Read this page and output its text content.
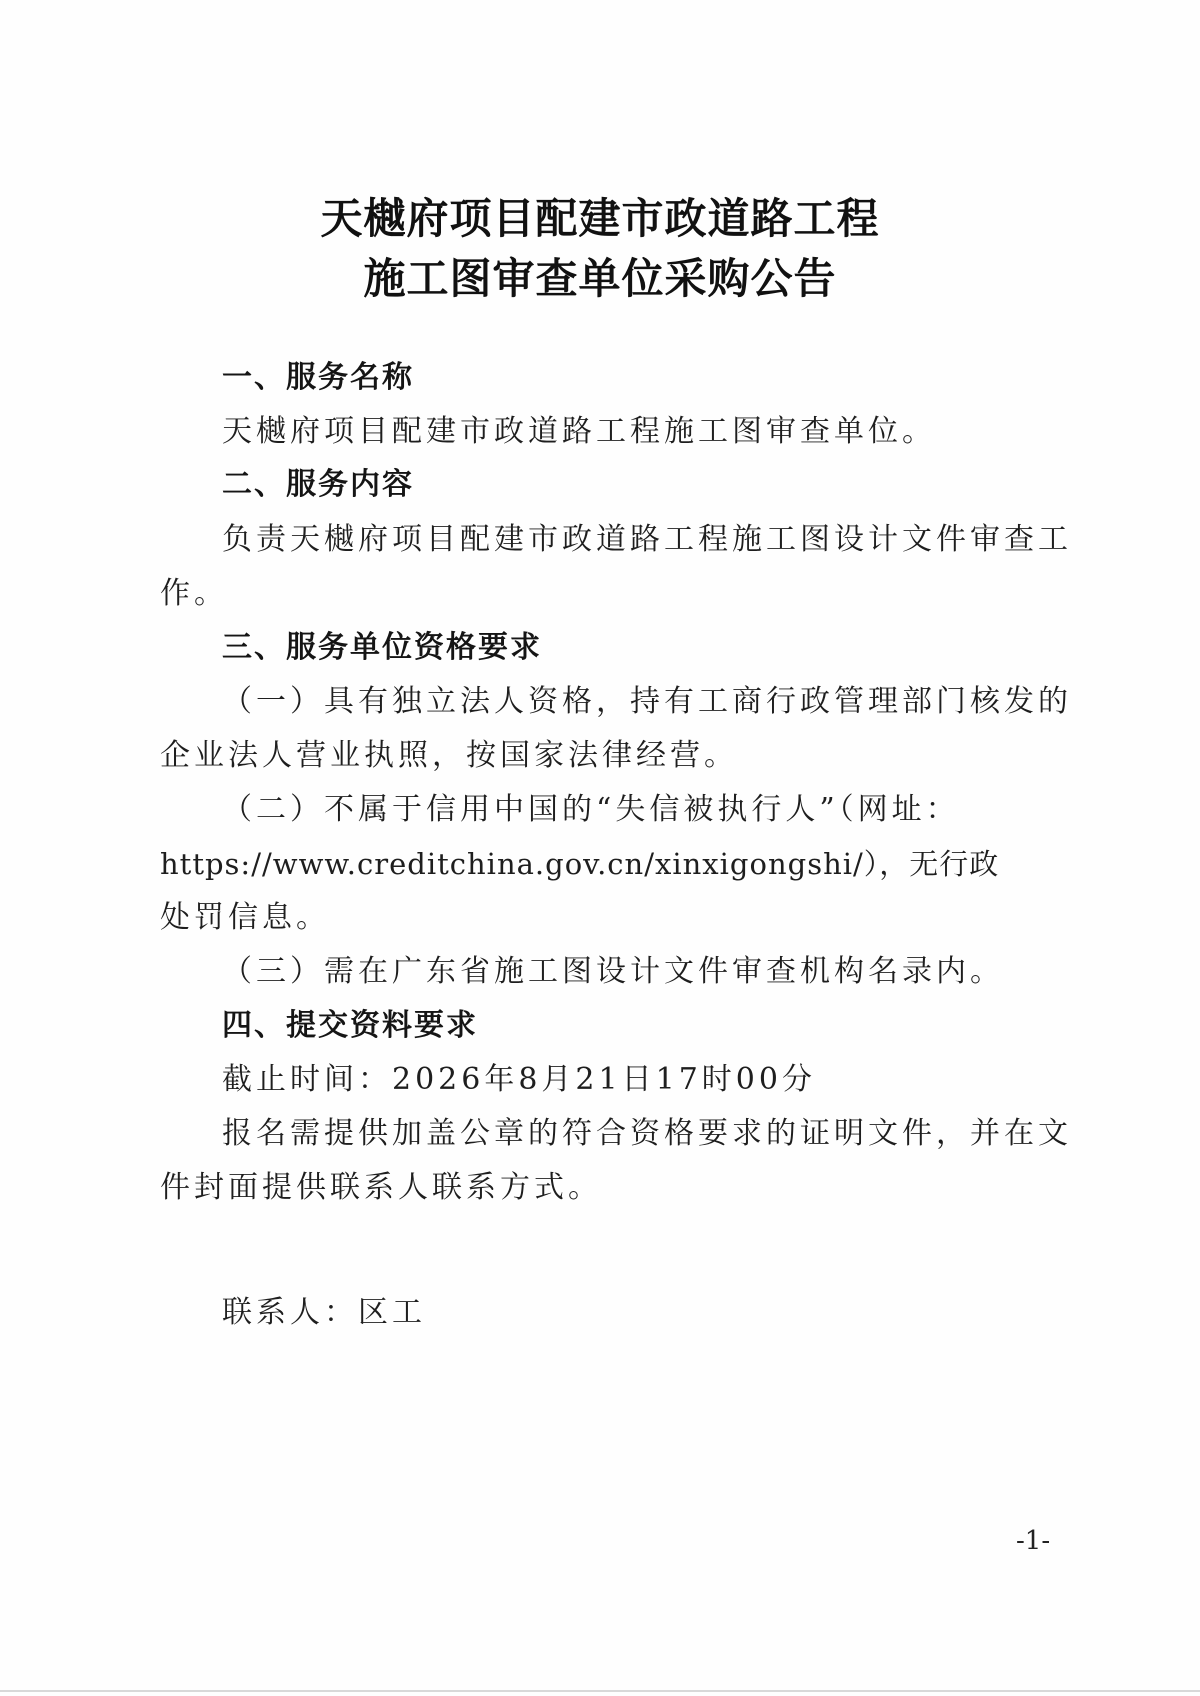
天樾府项目配建市政道路工程
施工图审查单位采购公告
一、服务名称
天樾府项目配建市政道路工程施工图审查单位。
二、服务内容
负责天樾府项目配建市政道路工程施工图设计文件审查工
作。
三、服务单位资格要求
（一）具有独立法人资格，持有工商行政管理部门核发的
企业法人营业执照，按国家法律经营。
（二）不属于信用中国的“失信被执行人”（网址：
https://www.creditchina.gov.cn/xinxigongshi/），无行政
处罚信息。
（三）需在广东省施工图设计文件审查机构名录内。
四、提交资料要求
截止时间：2026年8月21日17时00分
报名需提供加盖公章的符合资格要求的证明文件，并在文
件封面提供联系人联系方式。
联系人：区工
-1-
